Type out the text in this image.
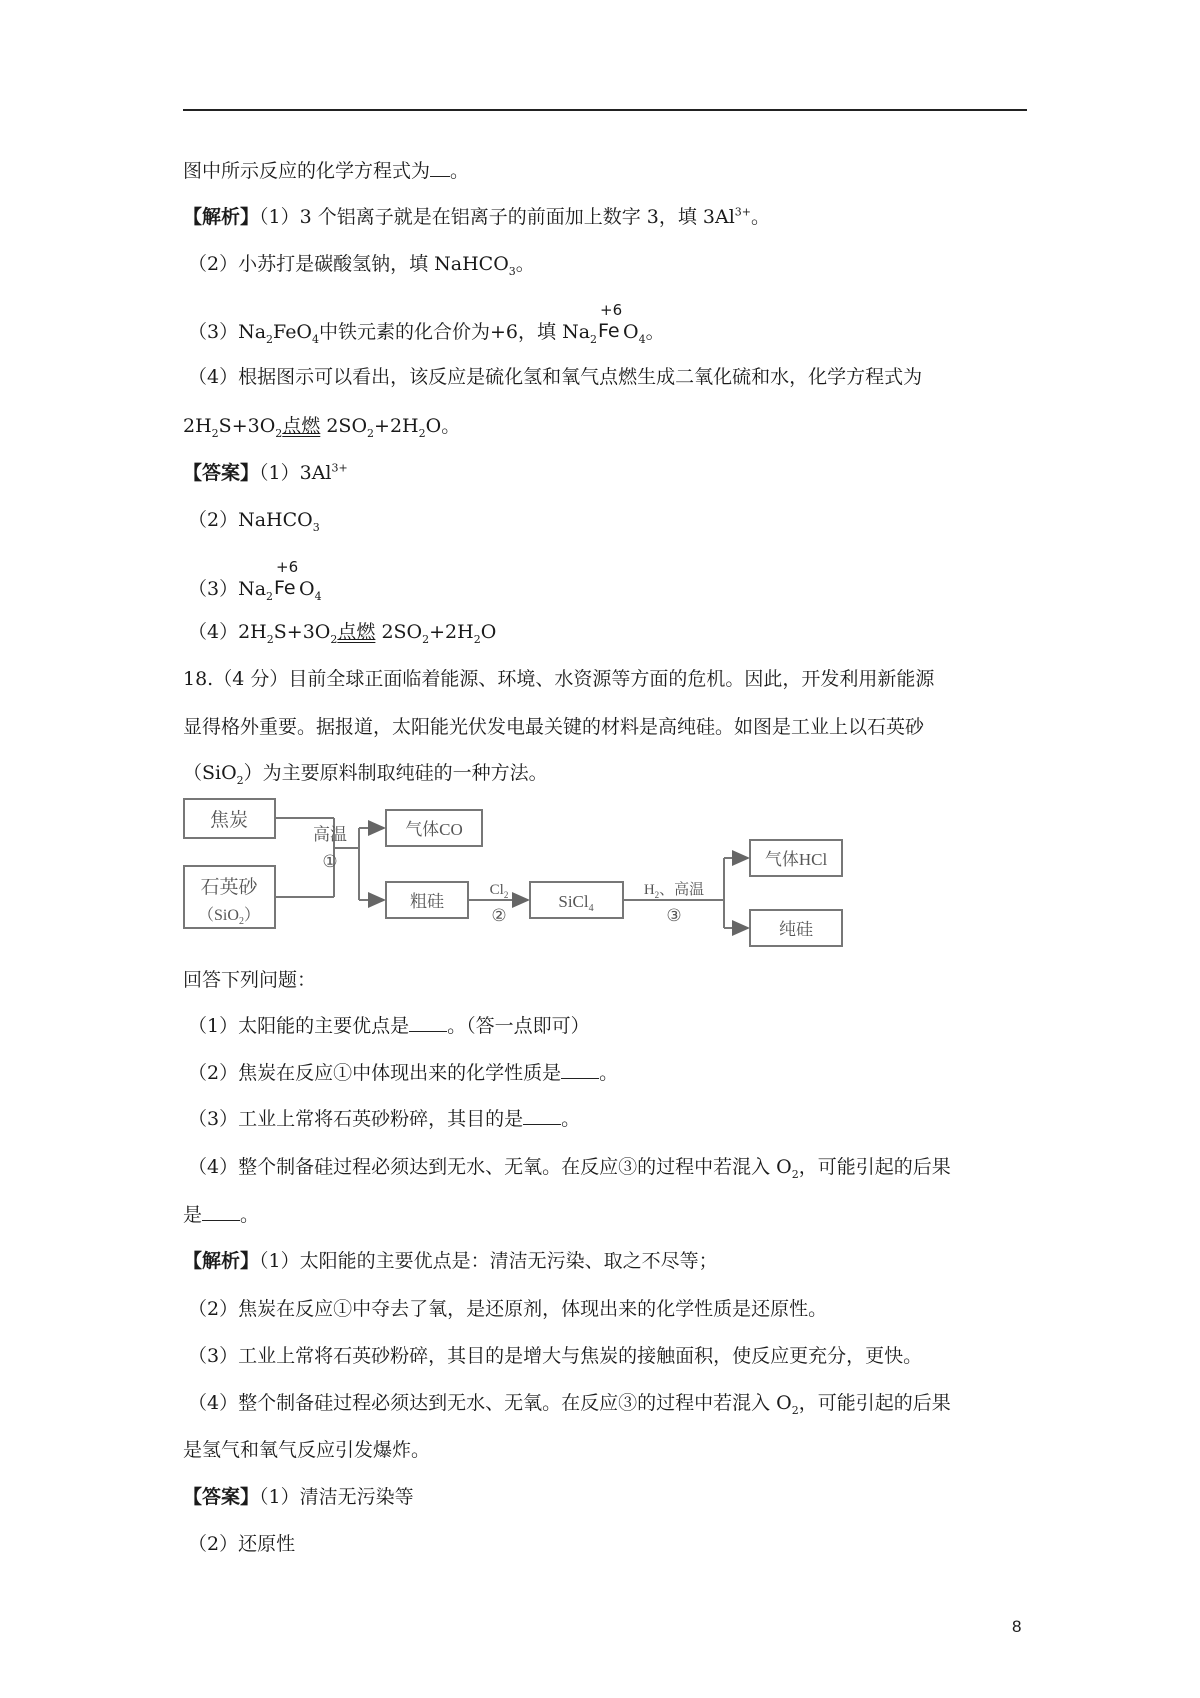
图中所示反应的化学方程式为 。
【解析】（1）3 个铝离子就是在铝离子的前面加上数字 3，填 $3Al^{3+}$。
（2）小苏打是碳酸氢钠，填 NaHCO$_3$。
$(3)Na_2FeO_4$中铁元素的化合价为+6，填 $Na_2$
+6
Fe $O_4$。
（4）根据图示可以看出，该反应是硫化氢和氧气点燃生成二氧化硫和水，化学方程式为
$2H_2S+3O_2$点燃 $2SO_2+2H_2O$。
【答案】$(1)3Al^{3+}$
（2）NaHCO$_3$
$(3)Na_2$
+6
Fe $O_4$
$(4)2H_2S+3O_2$点燃 $2SO_2+2H_2O$
18.（4 分）目前全球正面临着能源、环境、水资源等方面的危机。因此，开发利用新能源
显得格外重要。据报道，太阳能光伏发电最关键的材料是高纯硅。如图是工业上以石英砂
（SiO$_2$）为主要原料制取纯硅的一种方法。
焦炭
石英砂
（SiO$_2$）
气体CO
粗硅	SiCl$_4$
气体HCl
纯硅
高温
①
$Cl_2$
②
$H_2$、高温
③
回答下列问题：
（1）太阳能的主要优点是 。（答一点即可）
（2）焦炭在反应①中体现出来的化学性质是 。
（3）工业上常将石英砂粉碎，其目的是 。
（4）整个制备硅过程必须达到无水、无氧。在反应③的过程中若混入 $O_2$，可能引起的后果
是 。
【解析】（1）太阳能的主要优点是：清洁无污染、取之不尽等；
（2）焦炭在反应①中夺去了氧，是还原剂，体现出来的化学性质是还原性。
（3）工业上常将石英砂粉碎，其目的是增大与焦炭的接触面积，使反应更充分，更快。
（4）整个制备硅过程必须达到无水、无氧。在反应③的过程中若混入 $O_2$，可能引起的后果
是氢气和氧气反应引发爆炸。
【答案】（1）清洁无污染等
（2）还原性
8
